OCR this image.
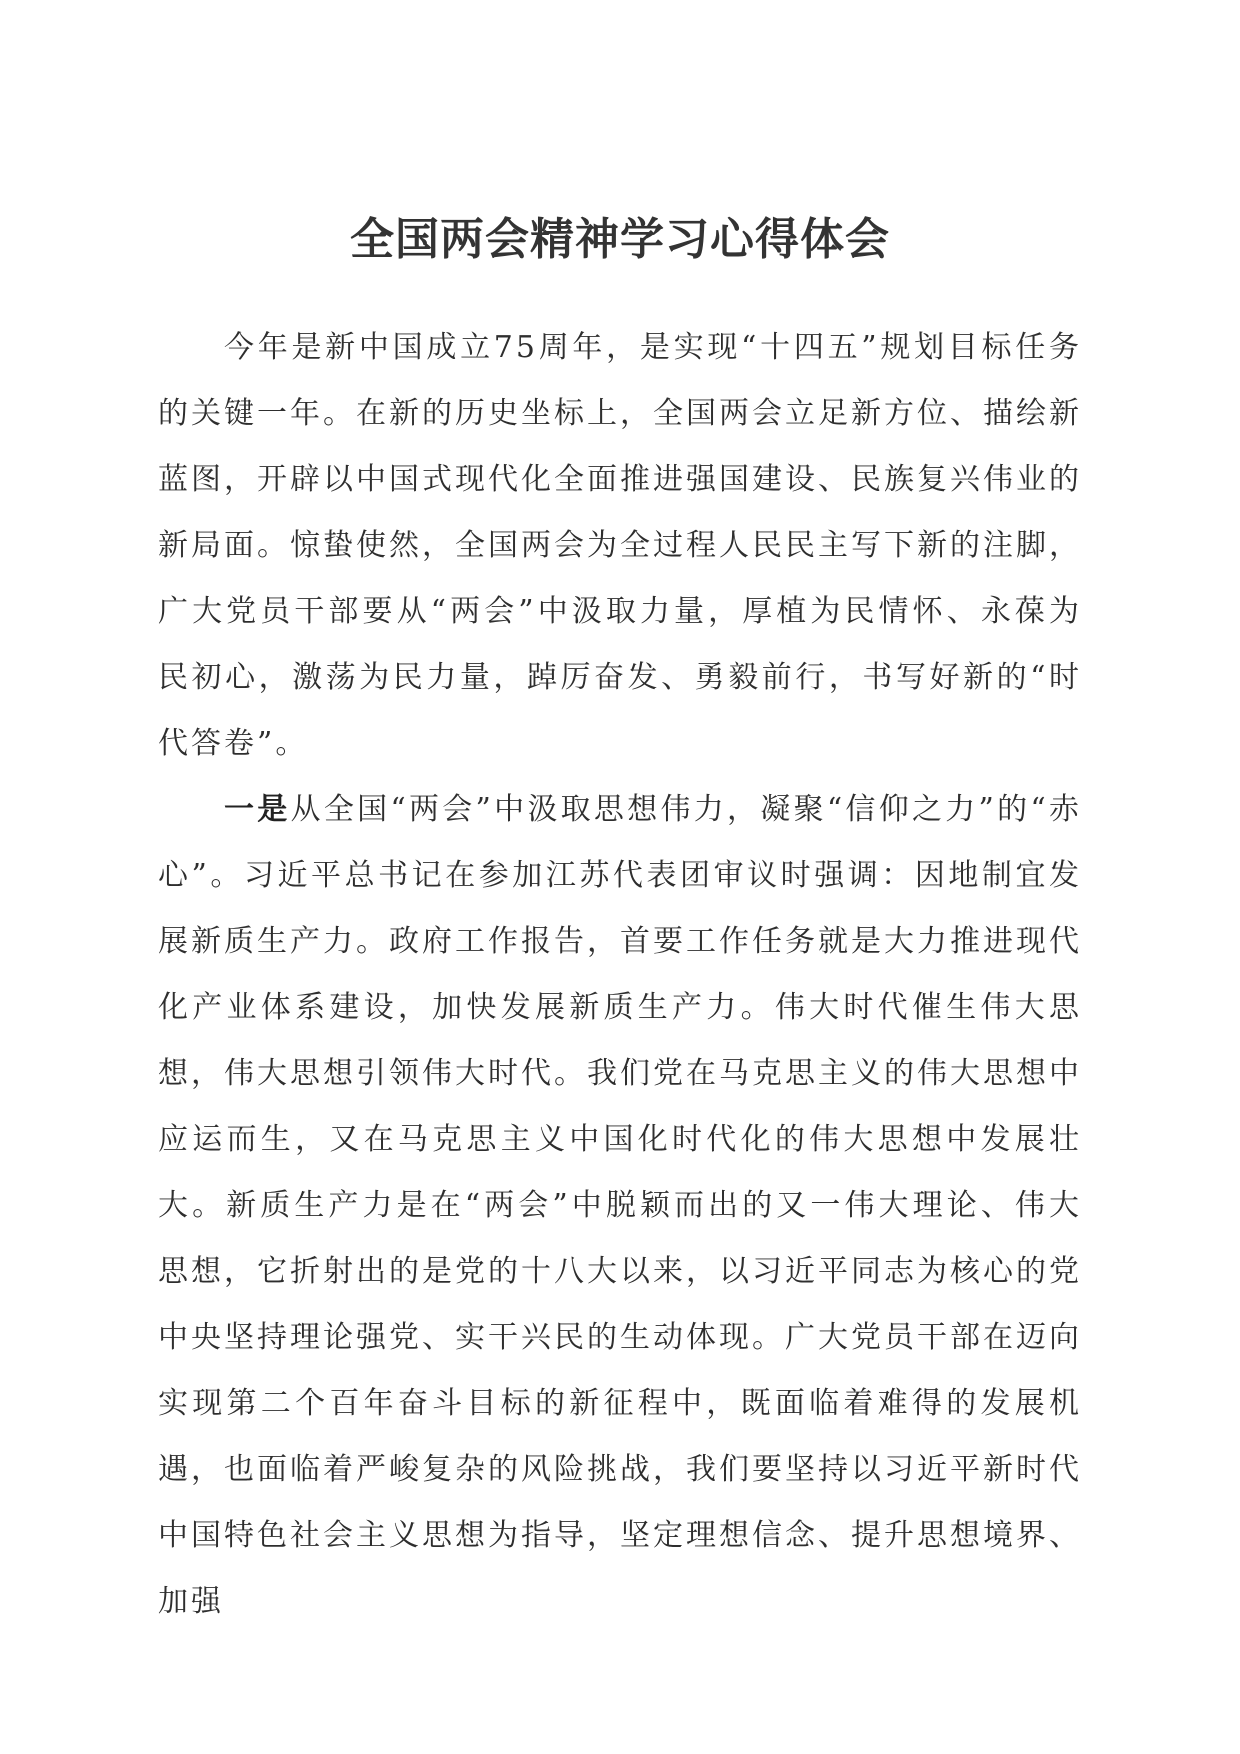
全国两会精神学习心得体会

今年是新中国成立75周年，是实现“十四五”规划目标任务的关键一年。在新的历史坐标上，全国两会立足新方位、描绘新蓝图，开辟以中国式现代化全面推进强国建设、民族复兴伟业的新局面。惊蛰使然，全国两会为全过程人民民主写下新的注脚，广大党员干部要从“两会”中汲取力量，厚植为民情怀、永葆为民初心，激荡为民力量，踔厉奋发、勇毅前行，书写好新的“时代答卷”。

一是从全国“两会”中汲取思想伟力，凝聚“信仰之力”的“赤心”。习近平总书记在参加江苏代表团审议时强调：因地制宜发展新质生产力。政府工作报告，首要工作任务就是大力推进现代化产业体系建设，加快发展新质生产力。伟大时代催生伟大思想，伟大思想引领伟大时代。我们党在马克思主义的伟大思想中应运而生，又在马克思主义中国化时代化的伟大思想中发展壮大。新质生产力是在“两会”中脱颖而出的又一伟大理论、伟大思想，它折射出的是党的十八大以来，以习近平同志为核心的党中央坚持理论强党、实干兴民的生动体现。广大党员干部在迈向实现第二个百年奋斗目标的新征程中，既面临着难得的发展机遇，也面临着严峻复杂的风险挑战，我们要坚持以习近平新时代中国特色社会主义思想为指导，坚定理想信念、提升思想境界、加强
